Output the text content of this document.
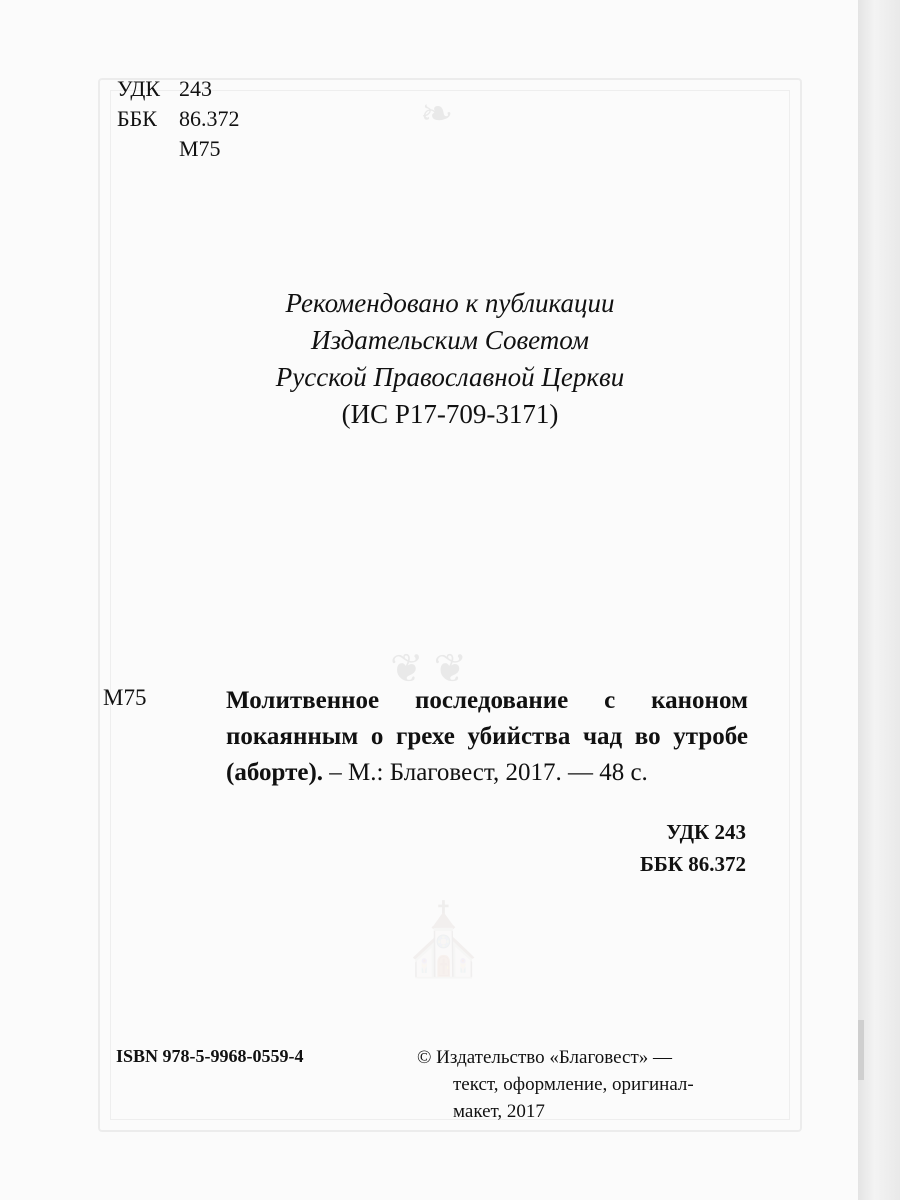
❧
❦ ❦
⛪
УДК 243
ББК	86.372
М75
Рекомендовано к публикации
Издательским Советом
Русской Православной Церкви
(ИС Р17-709-3171)
М75	Молитвенное последование с каноном покаянным о грехе убийства чад во утробе (аборте). – М.: Благовест, 2017. — 48 с.
УДК 243
ББК 86.372
ISBN 978-5-9968-0559-4	© Издательство «Благовест» —
текст, оформление, оригинал-
макет, 2017
